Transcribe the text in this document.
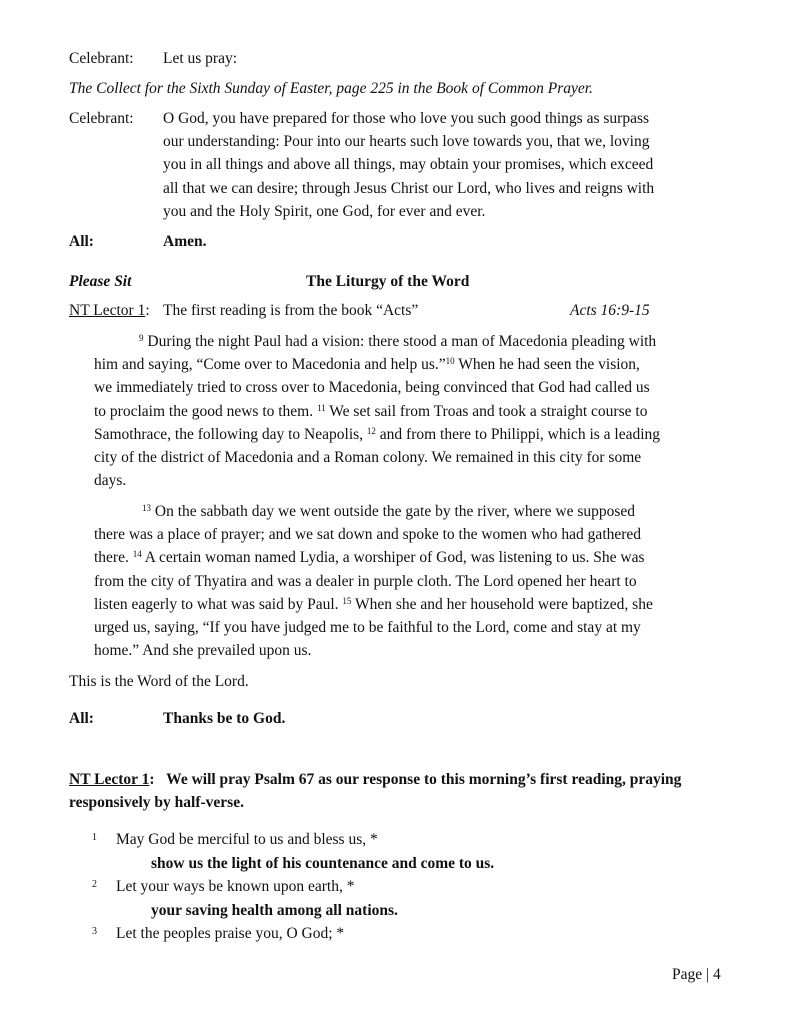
Celebrant: Let us pray:
The Collect for the Sixth Sunday of Easter, page 225 in the Book of Common Prayer.
Celebrant: O God, you have prepared for those who love you such good things as surpass
our understanding: Pour into our hearts such love towards you, that we, loving
you in all things and above all things, may obtain your promises, which exceed
all that we can desire; through Jesus Christ our Lord, who lives and reigns with
you and the Holy Spirit, one God, for ever and ever.
All:	Amen.
Please Sit	The Liturgy of the Word
NT Lector 1: The first reading is from the book “Acts”	Acts 16:9-15
$^9$ During the night Paul had a vision: there stood a man of Macedonia pleading with
him and saying, “Come over to Macedonia and help us.”$^{10}$ When he had seen the vision,
we immediately tried to cross over to Macedonia, being convinced that God had called us
to proclaim the good news to them. $^{11}$ We set sail from Troas and took a straight course to
Samothrace, the following day to Neapolis, $^{12}$ and from there to Philippi, which is a leading
city of the district of Macedonia and a Roman colony. We remained in this city for some
days.
$^{13}$ On the sabbath day we went outside the gate by the river, where we supposed
there was a place of prayer; and we sat down and spoke to the women who had gathered
there. $^{14}$ A certain woman named Lydia, a worshiper of God, was listening to us. She was
from the city of Thyatira and was a dealer in purple cloth. The Lord opened her heart to
listen eagerly to what was said by Paul. $^{15}$ When she and her household were baptized, she
urged us, saying, “If you have judged me to be faithful to the Lord, come and stay at my
home.” And she prevailed upon us.
This is the Word of the Lord.
All:	Thanks be to God.
NT Lector 1: We will pray Psalm 67 as our response to this morning’s first reading, praying
responsively by half-verse.
1 May God be merciful to us and bless us, *
show us the light of his countenance and come to us.
2 Let your ways be known upon earth, *
your saving health among all nations.
3 Let the peoples praise you, O God; *
Page | 4
